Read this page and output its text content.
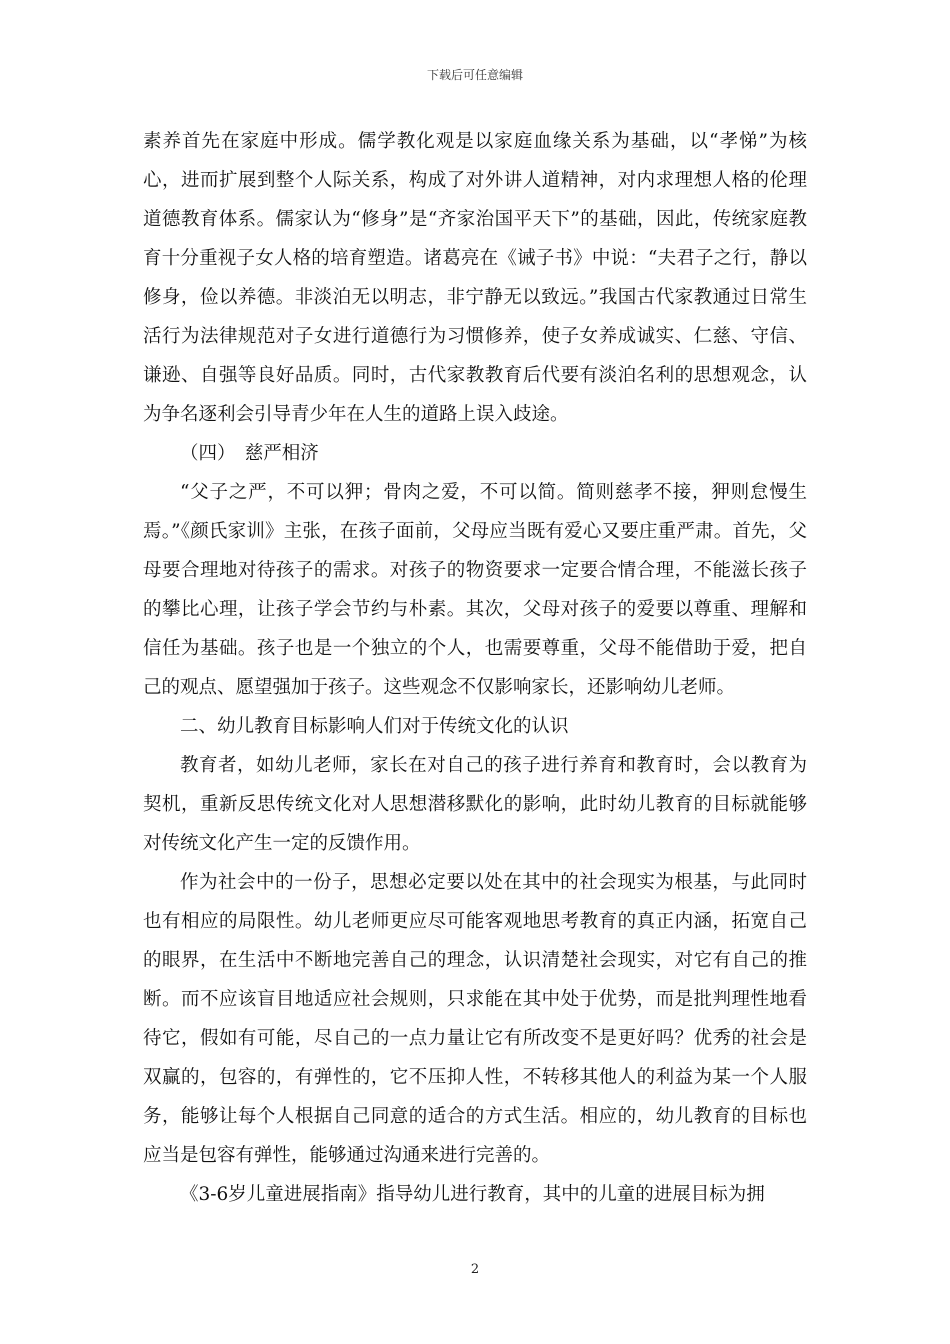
下载后可任意编辑

素养首先在家庭中形成。儒学教化观是以家庭血缘关系为基础，以“孝悌”为核心，进而扩展到整个人际关系，构成了对外讲人道精神，对内求理想人格的伦理道德教育体系。儒家认为“修身”是“齐家治国平天下”的基础，因此，传统家庭教育十分重视子女人格的培育塑造。诸葛亮在《诫子书》中说：“夫君子之行，静以修身，俭以养德。非淡泊无以明志，非宁静无以致远。”我国古代家教通过日常生活行为法律规范对子女进行道德行为习惯修养，使子女养成诚实、仁慈、守信、谦逊、自强等良好品质。同时，古代家教教育后代要有淡泊名利的思想观念，认为争名逐利会引导青少年在人生的道路上误入歧途。

（四）　慈严相济

“父子之严，不可以狎；骨肉之爱，不可以简。简则慈孝不接，狎则怠慢生焉。”《颜氏家训》主张，在孩子面前，父母应当既有爱心又要庄重严肃。首先，父母要合理地对待孩子的需求。对孩子的物资要求一定要合情合理，不能滋长孩子的攀比心理，让孩子学会节约与朴素。其次，父母对孩子的爱要以尊重、理解和信任为基础。孩子也是一个独立的个人，也需要尊重，父母不能借助于爱，把自己的观点、愿望强加于孩子。这些观念不仅影响家长，还影响幼儿老师。

二、幼儿教育目标影响人们对于传统文化的认识

教育者，如幼儿老师，家长在对自己的孩子进行养育和教育时，会以教育为契机，重新反思传统文化对人思想潜移默化的影响，此时幼儿教育的目标就能够对传统文化产生一定的反馈作用。

作为社会中的一份子，思想必定要以处在其中的社会现实为根基，与此同时也有相应的局限性。幼儿老师更应尽可能客观地思考教育的真正内涵，拓宽自己的眼界，在生活中不断地完善自己的理念，认识清楚社会现实，对它有自己的推断。而不应该盲目地适应社会规则，只求能在其中处于优势，而是批判理性地看待它，假如有可能，尽自己的一点力量让它有所改变不是更好吗？优秀的社会是双赢的，包容的，有弹性的，它不压抑人性，不转移其他人的利益为某一个人服务，能够让每个人根据自己同意的适合的方式生活。相应的，幼儿教育的目标也应当是包容有弹性，能够通过沟通来进行完善的。

《3-6岁儿童进展指南》指导幼儿进行教育，其中的儿童的进展目标为拥

2
